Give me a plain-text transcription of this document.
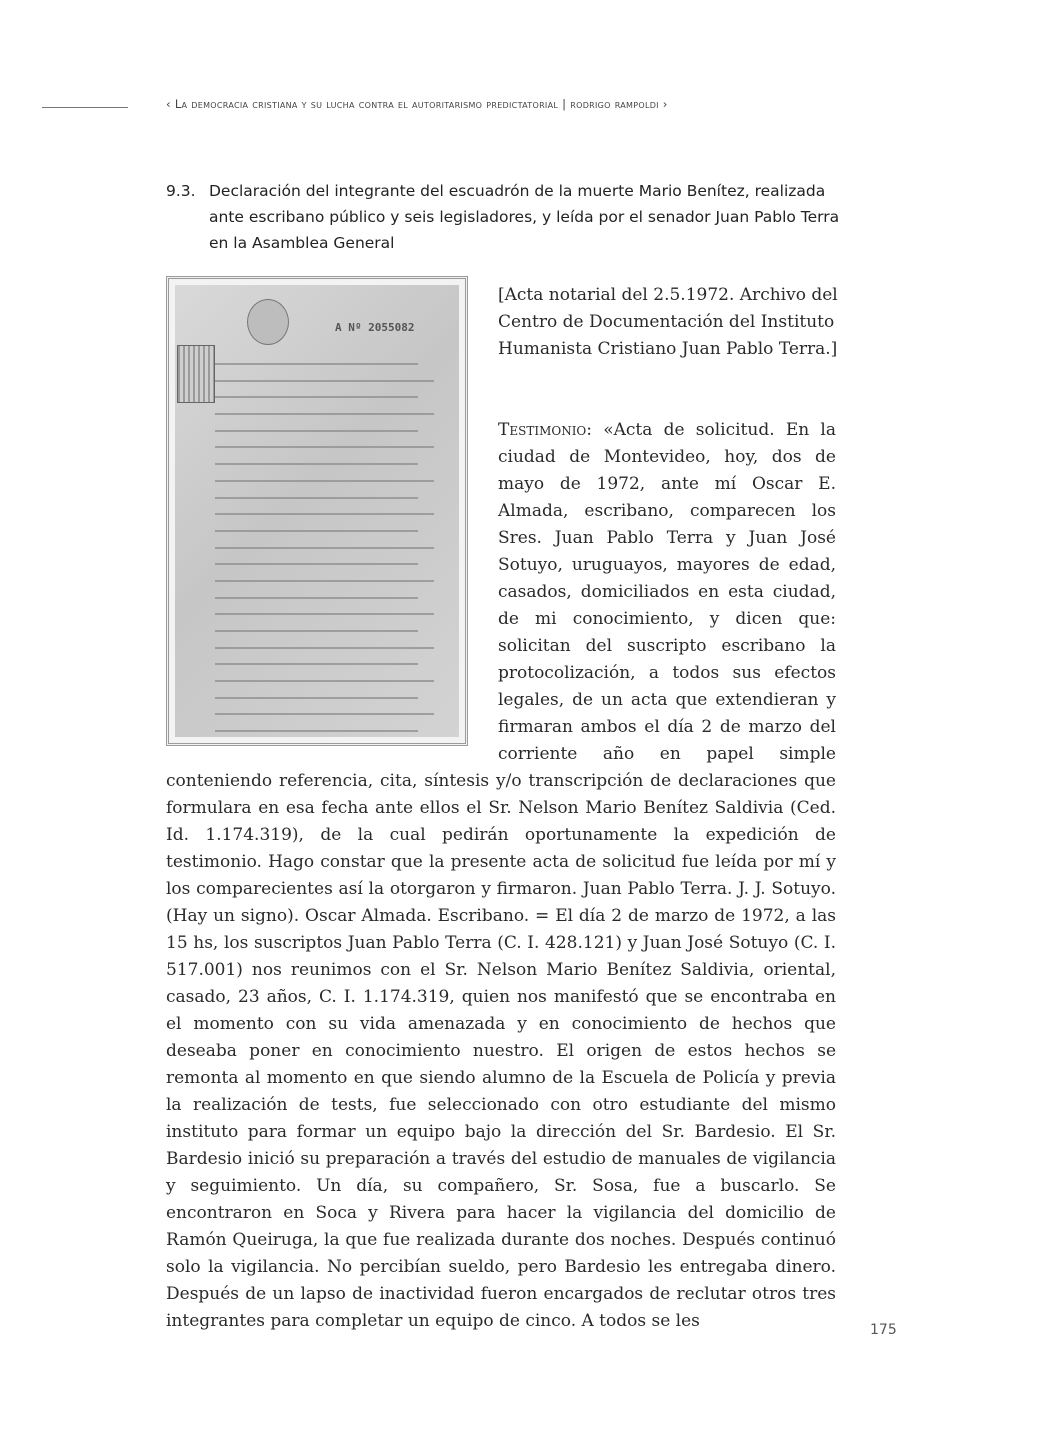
‹ La democracia cristiana y su lucha contra el autoritarismo predictatorial | rodrigo rampoldi ›
9.3. Declaración del integrante del escuadrón de la muerte Mario Benítez, realizada ante escribano público y seis legisladores, y leída por el senador Juan Pablo Terra en la Asamblea General
A Nº 2055082
[Acta notarial del 2.5.1972. Archivo del Centro de Documentación del Instituto Humanista Cristiano Juan Pablo Terra.]
Testimonio: «Acta de solicitud. En la ciudad de Montevideo, hoy, dos de mayo de 1972, ante mí Oscar E. Almada, escribano, comparecen los Sres. Juan Pablo Terra y Juan José Sotuyo, uruguayos, mayores de edad, casados, domiciliados en esta ciudad, de mi conocimiento, y dicen que: solicitan del suscripto escribano la protocolización, a todos sus efectos legales, de un acta que extendieran y firmaran ambos el día 2 de marzo del corriente año en papel simple conteniendo referencia, cita, síntesis y/o transcripción de declaraciones que formulara en esa fecha ante ellos el Sr. Nelson Mario Benítez Saldivia (Ced. Id. 1.174.319), de la cual pedirán oportunamente la expedición de testimonio. Hago constar que la presente acta de solicitud fue leída por mí y los comparecientes así la otorgaron y firmaron. Juan Pablo Terra. J. J. Sotuyo. (Hay un signo). Oscar Almada. Escribano. = El día 2 de marzo de 1972, a las 15 hs, los suscriptos Juan Pablo Terra (C. I. 428.121) y Juan José Sotuyo (C. I. 517.001) nos reunimos con el Sr. Nelson Mario Benítez Saldivia, oriental, casado, 23 años, C. I. 1.174.319, quien nos manifestó que se encontraba en el momento con su vida amenazada y en conocimiento de hechos que deseaba poner en conocimiento nuestro. El origen de estos hechos se remonta al momento en que siendo alumno de la Escuela de Policía y previa la realización de tests, fue seleccionado con otro estudiante del mismo instituto para formar un equipo bajo la dirección del Sr. Bardesio. El Sr. Bardesio inició su preparación a través del estudio de manuales de vigilancia y seguimiento. Un día, su compañero, Sr. Sosa, fue a buscarlo. Se encontraron en Soca y Rivera para hacer la vigilancia del domicilio de Ramón Queiruga, la que fue realizada durante dos noches. Después continuó solo la vigilancia. No percibían sueldo, pero Bardesio les entregaba dinero. Después de un lapso de inactividad fueron encargados de reclutar otros tres integrantes para completar un equipo de cinco. A todos se les	175
